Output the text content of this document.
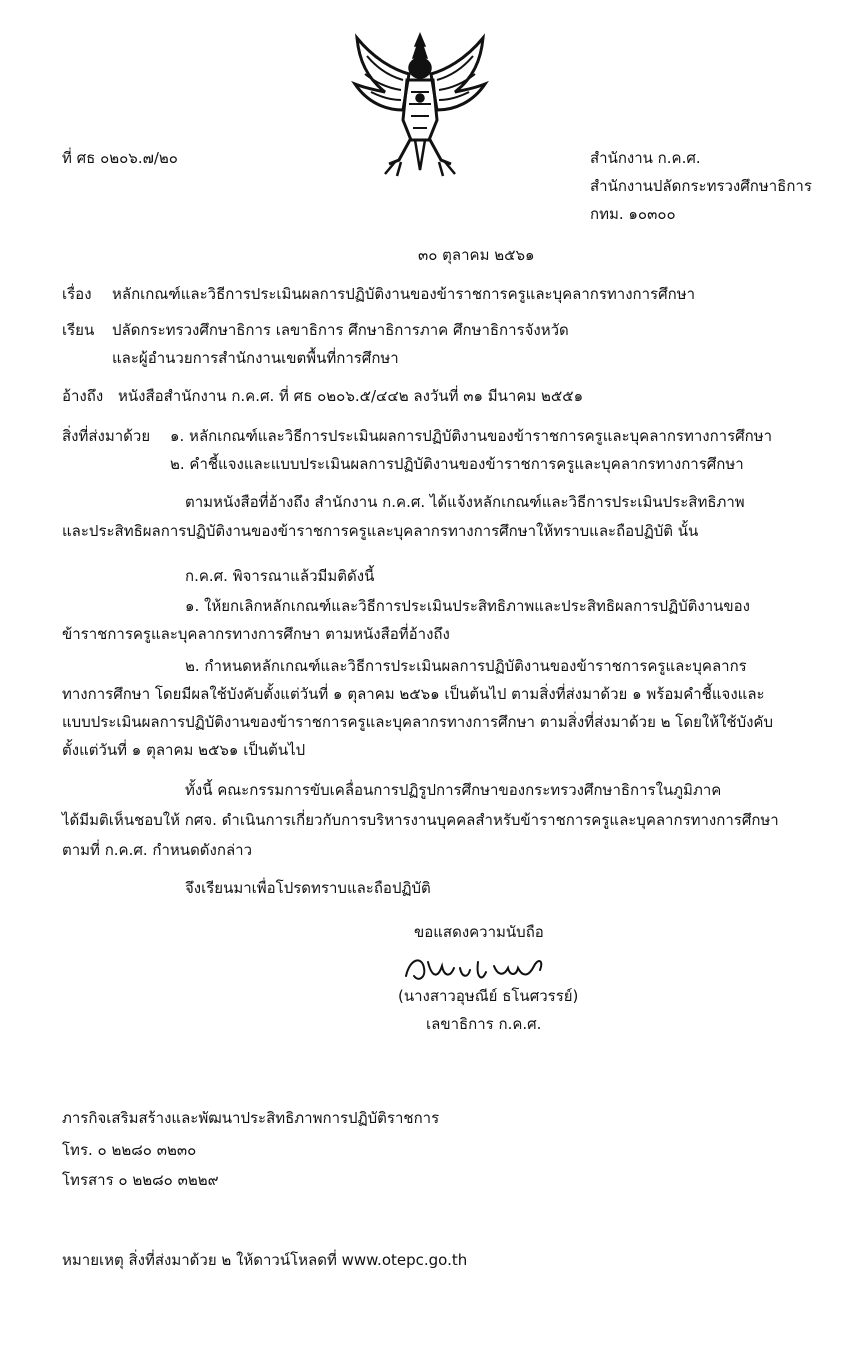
ที่ ศธ ๐๒๐๖.๗/๒๐	สำนักงาน ก.ค.ศ.
สำนักงานปลัดกระทรวงศึกษาธิการ
กทม. ๑๐๓๐๐
๓๐ ตุลาคม ๒๕๖๑
เรื่อง หลักเกณฑ์และวิธีการประเมินผลการปฏิบัติงานของข้าราชการครูและบุคลากรทางการศึกษา
เรียน ปลัดกระทรวงศึกษาธิการ เลขาธิการ ศึกษาธิการภาค ศึกษาธิการจังหวัด
และผู้อำนวยการสำนักงานเขตพื้นที่การศึกษา
อ้างถึง หนังสือสำนักงาน ก.ค.ศ. ที่ ศธ ๐๒๐๖.๕/๔๔๒ ลงวันที่ ๓๑ มีนาคม ๒๕๕๑
สิ่งที่ส่งมาด้วย ๑. หลักเกณฑ์และวิธีการประเมินผลการปฏิบัติงานของข้าราชการครูและบุคลากรทางการศึกษา
๒. คำชี้แจงและแบบประเมินผลการปฏิบัติงานของข้าราชการครูและบุคลากรทางการศึกษา
ตามหนังสือที่อ้างถึง สำนักงาน ก.ค.ศ. ได้แจ้งหลักเกณฑ์และวิธีการประเมินประสิทธิภาพ
และประสิทธิผลการปฏิบัติงานของข้าราชการครูและบุคลากรทางการศึกษาให้ทราบและถือปฏิบัติ นั้น
ก.ค.ศ. พิจารณาแล้วมีมติดังนี้
๑. ให้ยกเลิกหลักเกณฑ์และวิธีการประเมินประสิทธิภาพและประสิทธิผลการปฏิบัติงานของ
ข้าราชการครูและบุคลากรทางการศึกษา ตามหนังสือที่อ้างถึง
๒. กำหนดหลักเกณฑ์และวิธีการประเมินผลการปฏิบัติงานของข้าราชการครูและบุคลากร
ทางการศึกษา โดยมีผลใช้บังคับตั้งแต่วันที่ ๑ ตุลาคม ๒๕๖๑ เป็นต้นไป ตามสิ่งที่ส่งมาด้วย ๑ พร้อมคำชี้แจงและ
แบบประเมินผลการปฏิบัติงานของข้าราชการครูและบุคลากรทางการศึกษา ตามสิ่งที่ส่งมาด้วย ๒ โดยให้ใช้บังคับ
ตั้งแต่วันที่ ๑ ตุลาคม ๒๕๖๑ เป็นต้นไป
ทั้งนี้ คณะกรรมการขับเคลื่อนการปฏิรูปการศึกษาของกระทรวงศึกษาธิการในภูมิภาค
ได้มีมติเห็นชอบให้ กศจ. ดำเนินการเกี่ยวกับการบริหารงานบุคคลสำหรับข้าราชการครูและบุคลากรทางการศึกษา
ตามที่ ก.ค.ศ. กำหนดดังกล่าว
จึงเรียนมาเพื่อโปรดทราบและถือปฏิบัติ
ขอแสดงความนับถือ
(นางสาวอุษณีย์ ธโนศวรรย์)
เลขาธิการ ก.ค.ศ.
ภารกิจเสริมสร้างและพัฒนาประสิทธิภาพการปฏิบัติราชการ
โทร. ๐ ๒๒๘๐ ๓๒๓๐
โทรสาร ๐ ๒๒๘๐ ๓๒๒๙
หมายเหตุ สิ่งที่ส่งมาด้วย ๒ ให้ดาวน์โหลดที่ www.otepc.go.th
